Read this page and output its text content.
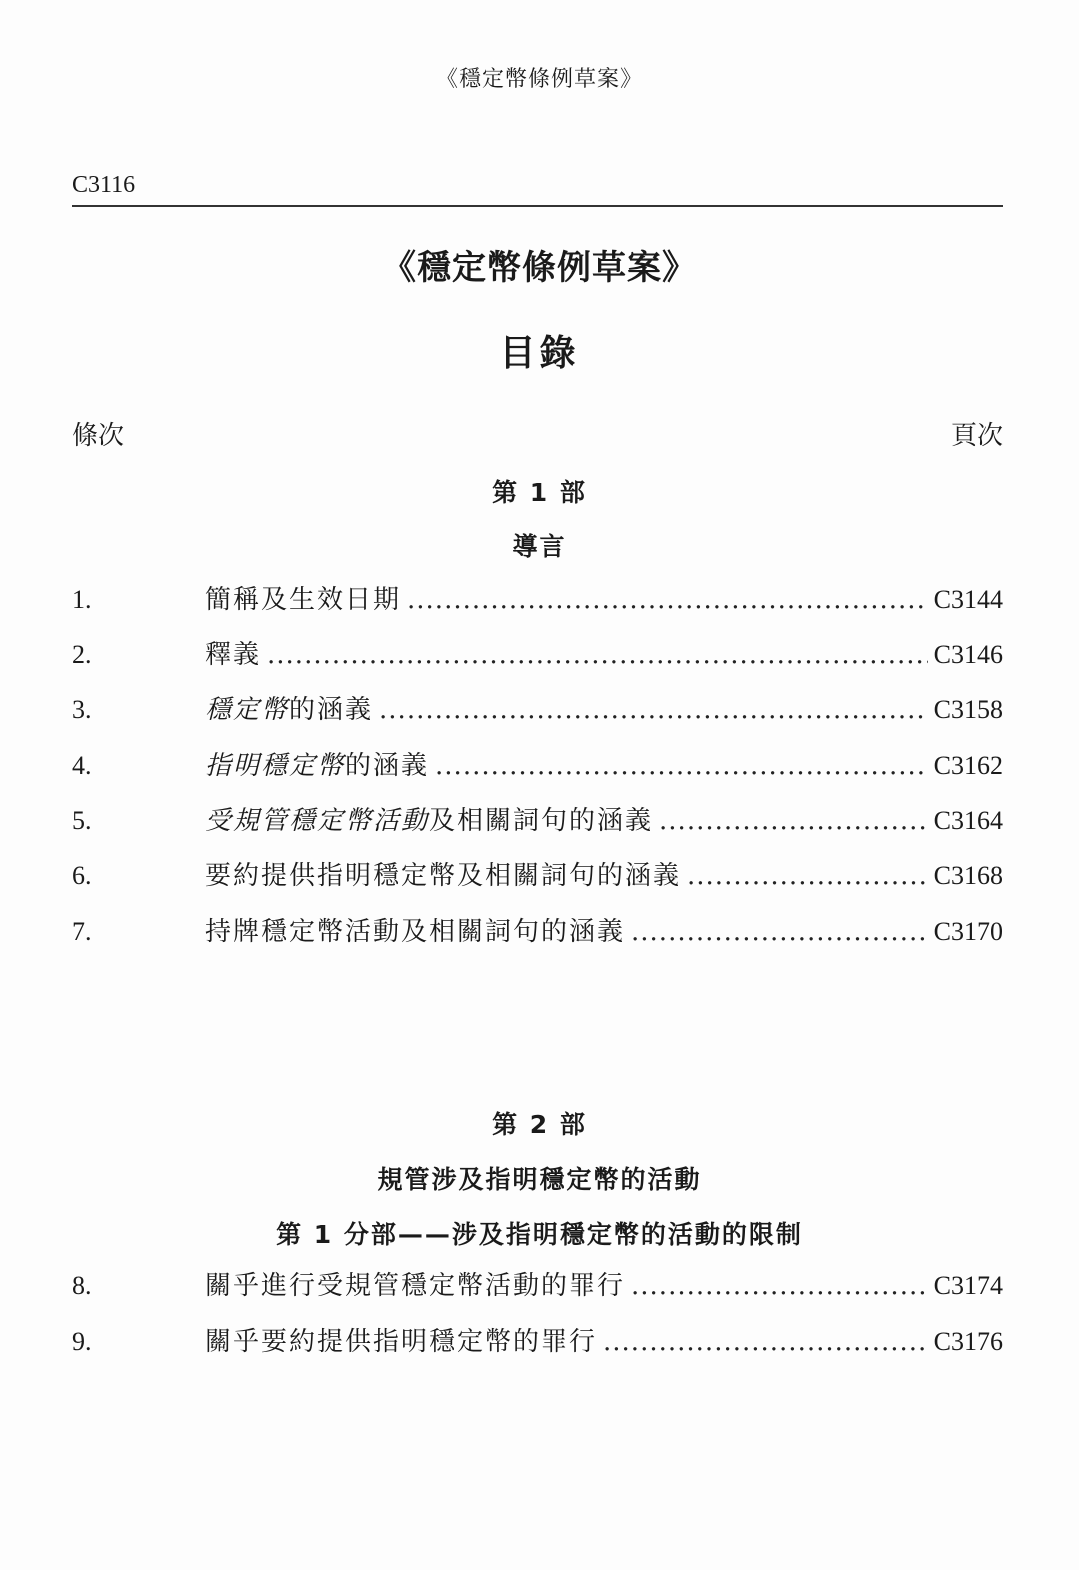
《穩定幣條例草案》
C3116
《穩定幣條例草案》
目錄
條次	頁次
第 1 部
導言
1.	簡稱及生效日期 .....	C3144
2.	釋義 .....	C3146
3.	穩定幣的涵義 .....	C3158
4.	指明穩定幣的涵義 .....	C3162
5.	受規管穩定幣活動及相關詞句的涵義 .....	C3164
6.	要約提供指明穩定幣及相關詞句的涵義 .....	C3168
7.	持牌穩定幣活動及相關詞句的涵義 .....	C3170
第 2 部
規管涉及指明穩定幣的活動
第 1 分部——涉及指明穩定幣的活動的限制
8.	關乎進行受規管穩定幣活動的罪行 .....	C3174
9.	關乎要約提供指明穩定幣的罪行 .....	C3176
